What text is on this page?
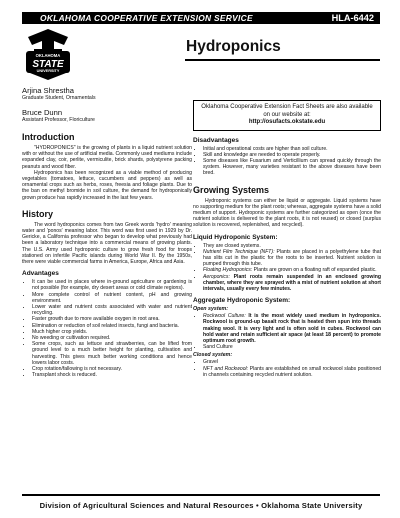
OKLAHOMA COOPERATIVE EXTENSION SERVICE	HLA-6442
OKLAHOMA
STATE
UNIVERSITY
Hydroponics
Arjina Shrestha
Graduate Student, Ornamentals
Bruce Dunn
Assistant Professor, Floriculture
Introduction

"HYDROPONICS" is the growing of plants in a liquid nutrient solution with or without the use of artificial media. Commonly used mediums include expanded clay, coir, perlite, vermiculite, brick shards, polystyrene packing peanuts and wood fiber.

Hydroponics has been recognized as a viable method of producing vegetables (tomatoes, lettuce, cucumbers and peppers) as well as ornamental crops such as herbs, roses, freesia and foliage plants. Due to the ban on methyl bromide in soil culture, the demand for hydroponically grown produce has rapidly increased in the last few years.

History

The word hydroponics comes from two Greek words 'hydro' meaning water and 'ponos' meaning labor. This word was first used in 1929 by Dr. Gericke, a California professor who began to develop what previously had been a laboratory technique into a commercial means of growing plants. The U.S. Army used hydroponic culture to grow fresh food for troops stationed on infertile Pacific islands during World War II. By the 1950s, there were viable commercial farms in America, Europe, Africa and Asia.

Advantages
• It can be used in places where in-ground agriculture or gardening is not possible (for example, dry desert areas or cold climate regions).
• More complete control of nutrient content, pH and growing environment.
• Lower water and nutrient costs associated with water and nutrient recycling.
• Faster growth due to more available oxygen in root area.
• Elimination or reduction of soil related insects, fungi and bacteria.
• Much higher crop yields.
• No weeding or cultivation required.
• Some crops, such as lettuce and strawberries, can be lifted from ground level to a much better height for planting, cultivation and harvesting. This gives much better working conditions and hence lowers labor costs.
• Crop rotation/fallowing is not necessary.
• Transplant shock is reduced.
Oklahoma Cooperative Extension Fact Sheets are also available on our website at:
http://osufacts.okstate.edu
Disadvantages
• Initial and operational costs are higher than soil culture.
• Skill and knowledge are needed to operate properly.
• Some diseases like Fusarium and Verticillium can spread quickly through the system. However, many varieties resistant to the above diseases have been bred.
Growing Systems

Hydroponic systems can either be liquid or aggregate. Liquid systems have no supporting medium for the plant roots; whereas, aggregate systems have a solid medium of support. Hydroponic systems are further categorized as open (once the nutrient solution is delivered to the plant roots, it is not reused) or closed (surplus solution is recovered, replenished, and recycled).

Liquid Hydroponic System:
• They are closed systems.
• Nutrient Film Technique (NFT): Plants are placed in a polyethylene tube that has slits cut in the plastic for the roots to be inserted. Nutrient solution is pumped through this tube.
• Floating Hydroponics: Plants are grown on a floating raft of expanded plastic.
• Aeroponics: Plant roots remain suspended in an enclosed growing chamber, where they are sprayed with a mist of nutrient solution at short intervals, usually every few minutes.
Aggregate Hydroponic System:
Open system:
• Rockwool Culture: It is the most widely used medium in hydroponics. Rockwool is ground-up basalt rock that is heated then spun into threads making wool. It is very light and is often sold in cubes. Rockwool can hold water and retain sufficient air space (at least 18 percent) to promote optimum root growth.
• Sand Culture
Closed system:
• Gravel
• NFT and Rockwool: Plants are established on small rockwool slabs positioned in channels containing recycled nutrient solution.
Division of Agricultural Sciences and Natural Resources • Oklahoma State University
